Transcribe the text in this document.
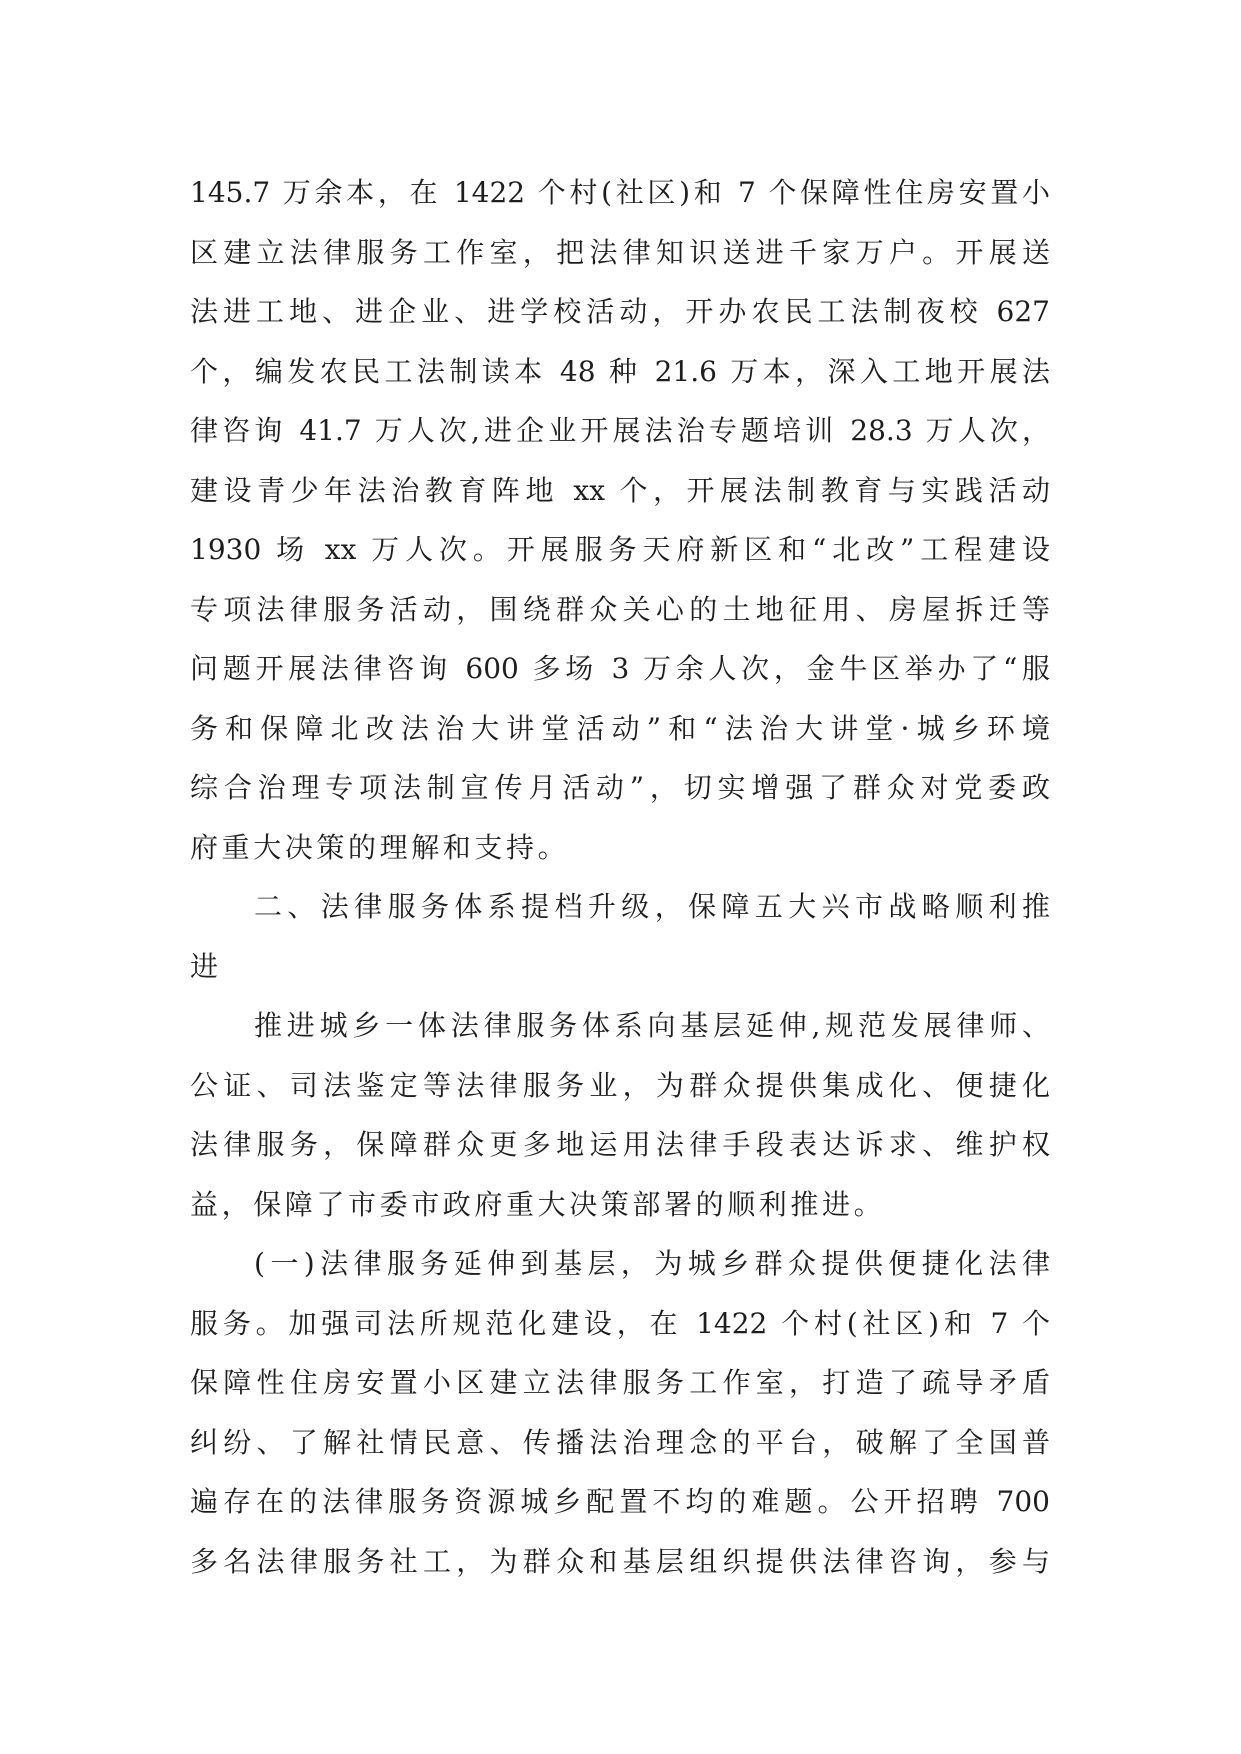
145.7 万余本，在 1422 个村(社区)和 7 个保障性住房安置小
区建立法律服务工作室，把法律知识送进千家万户。开展送
法进工地、进企业、进学校活动，开办农民工法制夜校 627
个，编发农民工法制读本 48 种 21.6 万本，深入工地开展法
律咨询 41.7 万人次,进企业开展法治专题培训 28.3 万人次，
建设青少年法治教育阵地 xx 个，开展法制教育与实践活动
1930 场 xx 万人次。开展服务天府新区和“北改”工程建设
专项法律服务活动，围绕群众关心的土地征用、房屋拆迁等
问题开展法律咨询 600 多场 3 万余人次，金牛区举办了“服
务和保障北改法治大讲堂活动”和“法治大讲堂·城乡环境
综合治理专项法制宣传月活动”，切实增强了群众对党委政
府重大决策的理解和支持。
二、法律服务体系提档升级，保障五大兴市战略顺利推
进
推进城乡一体法律服务体系向基层延伸,规范发展律师、
公证、司法鉴定等法律服务业，为群众提供集成化、便捷化
法律服务，保障群众更多地运用法律手段表达诉求、维护权
益，保障了市委市政府重大决策部署的顺利推进。
(一)法律服务延伸到基层，为城乡群众提供便捷化法律
服务。加强司法所规范化建设，在 1422 个村(社区)和 7 个
保障性住房安置小区建立法律服务工作室，打造了疏导矛盾
纠纷、了解社情民意、传播法治理念的平台，破解了全国普
遍存在的法律服务资源城乡配置不均的难题。公开招聘 700
多名法律服务社工，为群众和基层组织提供法律咨询，参与
